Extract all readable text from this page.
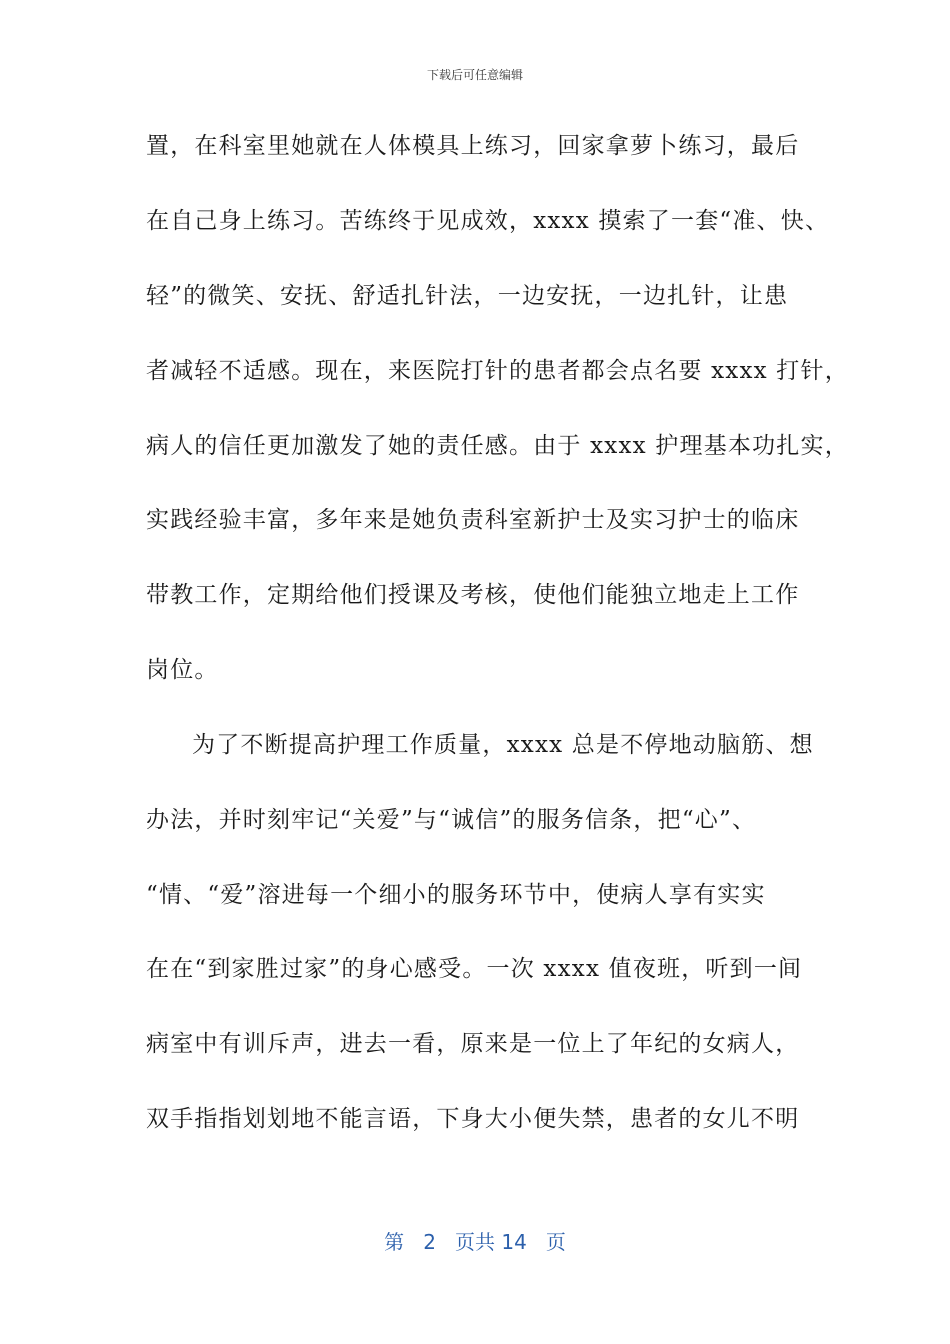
下载后可任意编辑
置，在科室里她就在人体模具上练习，回家拿萝卜练习，最后
在自己身上练习。苦练终于见成效，xxxx 摸索了一套“准、快、
轻”的微笑、安抚、舒适扎针法，一边安抚，一边扎针，让患
者减轻不适感。现在，来医院打针的患者都会点名要 xxxx 打针，
病人的信任更加激发了她的责任感。由于 xxxx 护理基本功扎实，
实践经验丰富，多年来是她负责科室新护士及实习护士的临床
带教工作，定期给他们授课及考核，使他们能独立地走上工作
岗位。
为了不断提高护理工作质量，xxxx 总是不停地动脑筋、想
办法，并时刻牢记“关爱”与“诚信”的服务信条，把“心”、
“情、“爱”溶进每一个细小的服务环节中，使病人享有实实
在在“到家胜过家”的身心感受。一次 xxxx 值夜班，听到一间
病室中有训斥声，进去一看，原来是一位上了年纪的女病人，
双手指指划划地不能言语，下身大小便失禁，患者的女儿不明
第 2 页共 14 页
